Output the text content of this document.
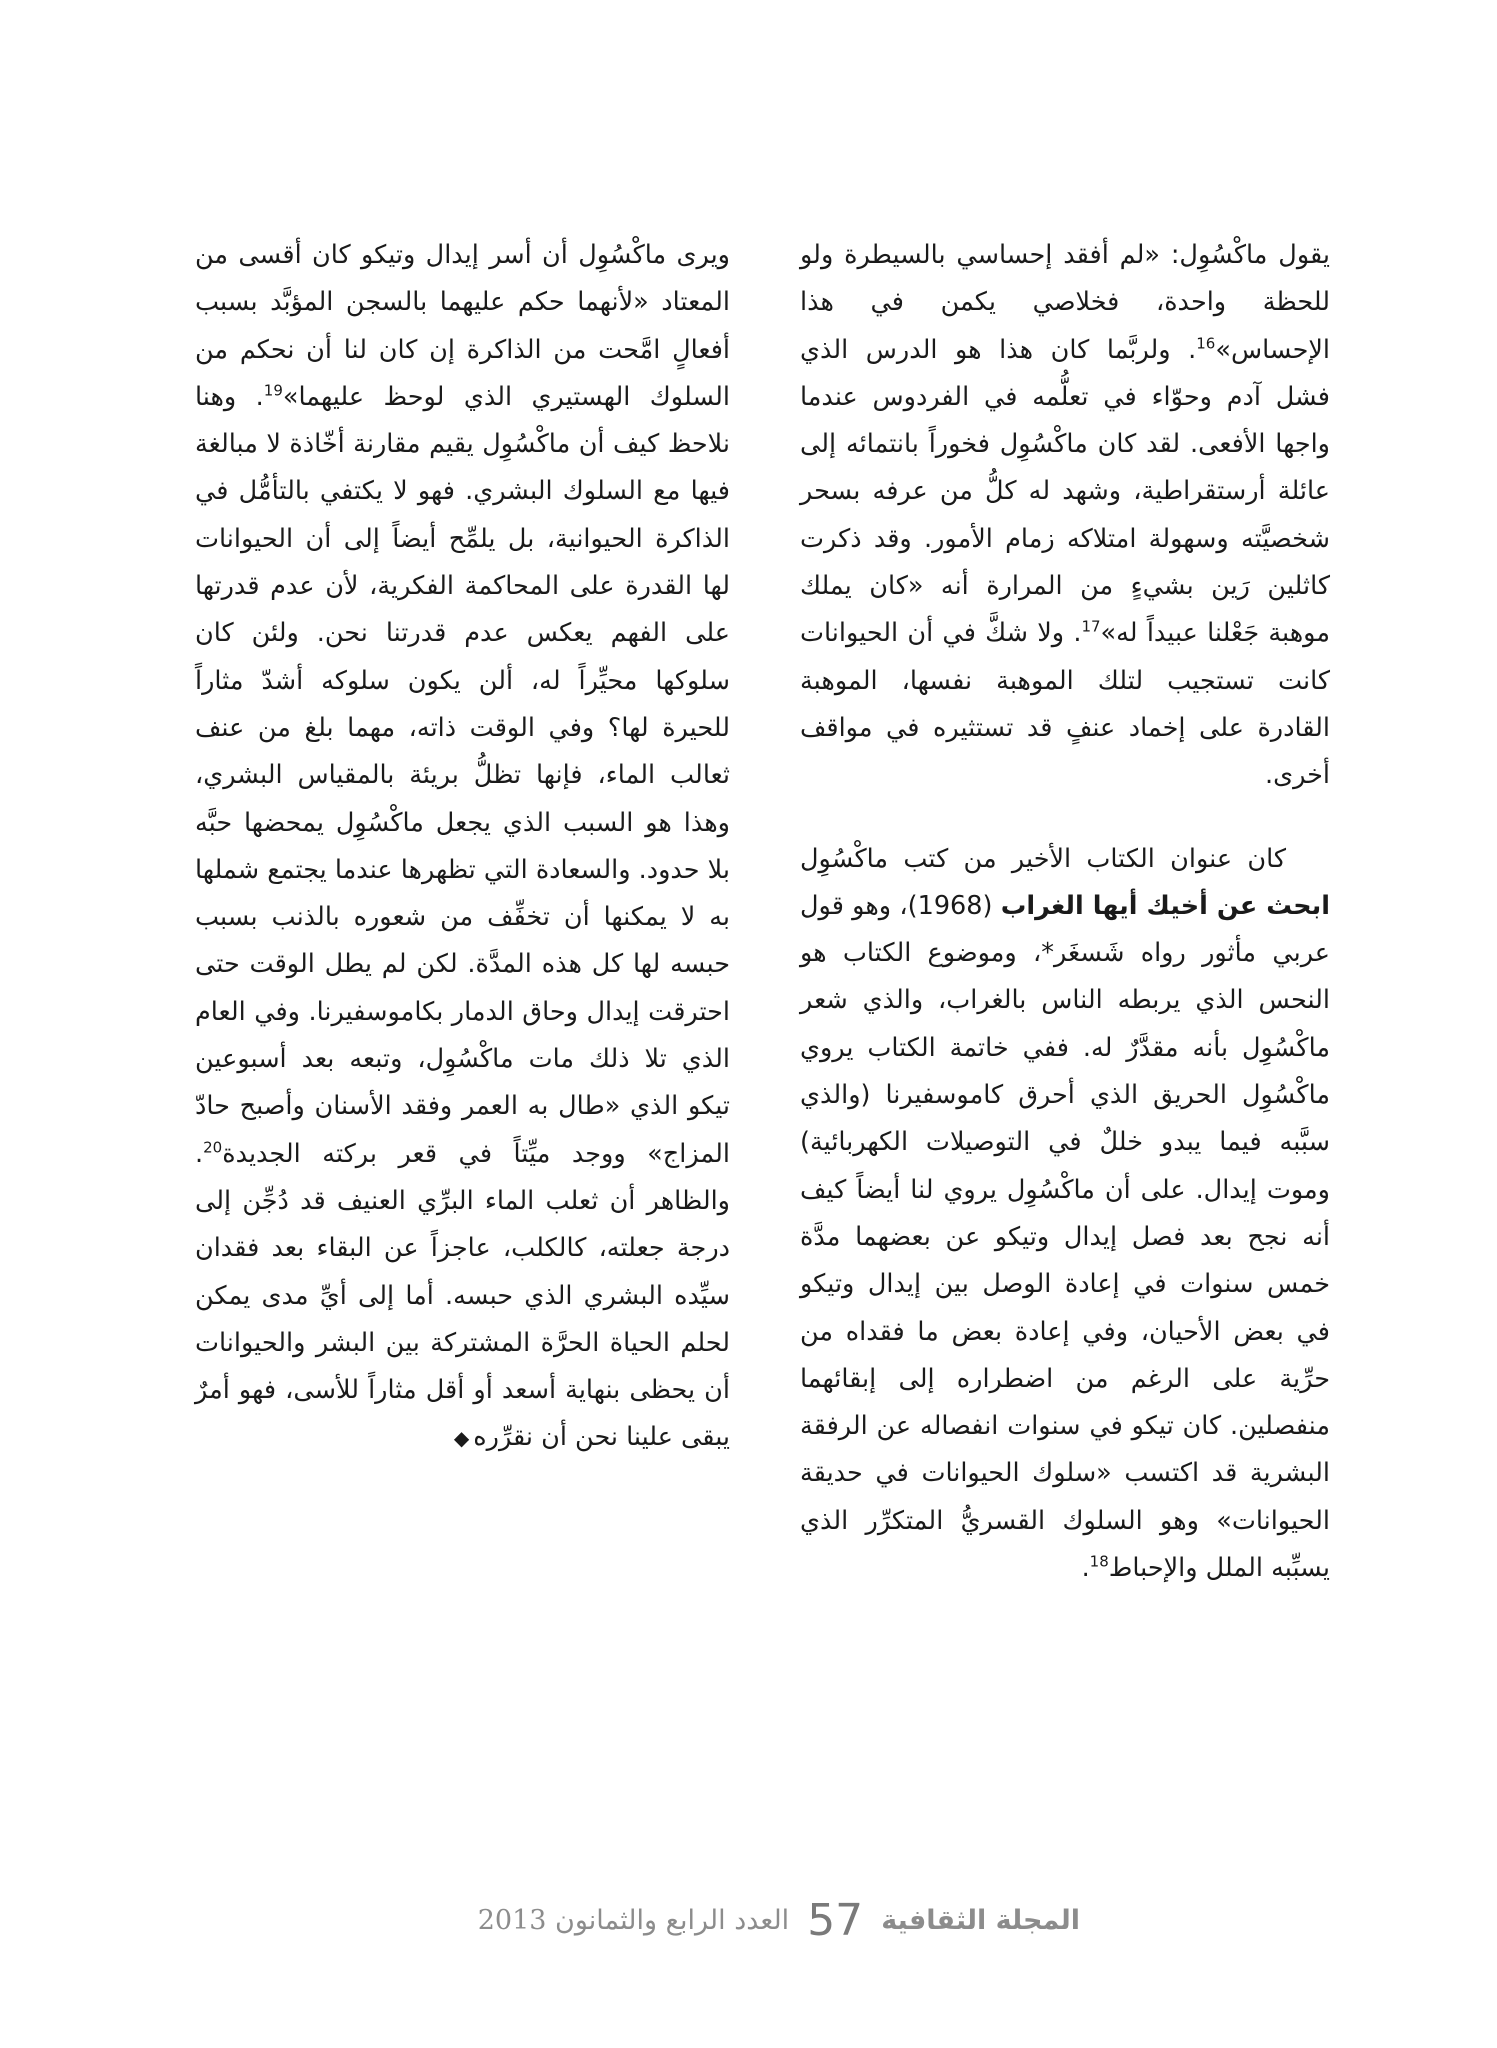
يقول ماكْسُوِل: «لم أفقد إحساسي بالسيطرة ولو للحظة واحدة، فخلاصي يكمن في هذا الإحساس»$^{16}$. ولربَّما كان هذا هو الدرس الذي فشل آدم وحوّاء في تعلُّمه في الفردوس عندما واجها الأفعى. لقد كان ماكْسُوِل فخوراً بانتمائه إلى عائلة أرستقراطية، وشهد له كلُّ من عرفه بسحر شخصيَّته وسهولة امتلاكه زمام الأمور. وقد ذكرت كاثلين رَين بشيءٍ من المرارة أنه «كان يملك موهبة جَعْلنا عبيداً له»$^{17}$. ولا شكَّ في أن الحيوانات كانت تستجيب لتلك الموهبة نفسها، الموهبة القادرة على إخماد عنفٍ قد تستثيره في مواقف أخرى.

كان عنوان الكتاب الأخير من كتب ماكْسُوِل ابحث عن أخيك أيها الغراب (1968)، وهو قول عربي مأثور رواه شَسغَر*، وموضوع الكتاب هو النحس الذي يربطه الناس بالغراب، والذي شعر ماكْسُوِل بأنه مقدَّرٌ له. ففي خاتمة الكتاب يروي ماكْسُوِل الحريق الذي أحرق كاموسفيرنا (والذي سبَّبه فيما يبدو خللٌ في التوصيلات الكهربائية) وموت إيدال. على أن ماكْسُوِل يروي لنا أيضاً كيف أنه نجح بعد فصل إيدال وتيكو عن بعضهما مدَّة خمس سنوات في إعادة الوصل بين إيدال وتيكو في بعض الأحيان، وفي إعادة بعض ما فقداه من حرِّية على الرغم من اضطراره إلى إبقائهما منفصلين. كان تيكو في سنوات انفصاله عن الرفقة البشرية قد اكتسب «سلوك الحيوانات في حديقة الحيوانات» وهو السلوك القسريُّ المتكرِّر الذي يسبِّبه الملل والإحباط$^{18}$.

ويرى ماكْسُوِل أن أسر إيدال وتيكو كان أقسى من المعتاد «لأنهما حكم عليهما بالسجن المؤبَّد بسبب أفعالٍ امَّحت من الذاكرة إن كان لنا أن نحكم من السلوك الهستيري الذي لوحظ عليهما»$^{19}$. وهنا نلاحظ كيف أن ماكْسُوِل يقيم مقارنة أخّاذة لا مبالغة فيها مع السلوك البشري. فهو لا يكتفي بالتأمُّل في الذاكرة الحيوانية، بل يلمِّح أيضاً إلى أن الحيوانات لها القدرة على المحاكمة الفكرية، لأن عدم قدرتها على الفهم يعكس عدم قدرتنا نحن. ولئن كان سلوكها محيِّراً له، ألن يكون سلوكه أشدّ مثاراً للحيرة لها؟ وفي الوقت ذاته، مهما بلغ من عنف ثعالب الماء، فإنها تظلُّ بريئة بالمقياس البشري، وهذا هو السبب الذي يجعل ماكْسُوِل يمحضها حبَّه بلا حدود. والسعادة التي تظهرها عندما يجتمع شملها به لا يمكنها أن تخفِّف من شعوره بالذنب بسبب حبسه لها كل هذه المدَّة. لكن لم يطل الوقت حتى احترقت إيدال وحاق الدمار بكاموسفيرنا. وفي العام الذي تلا ذلك مات ماكْسُوِل، وتبعه بعد أسبوعين تيكو الذي «طال به العمر وفقد الأسنان وأصبح حادّ المزاج» ووجد ميِّتاً في قعر بركته الجديدة$^{20}$. والظاهر أن ثعلب الماء البرِّي العنيف قد دُجِّن إلى درجة جعلته، كالكلب، عاجزاً عن البقاء بعد فقدان سيِّده البشري الذي حبسه. أما إلى أيِّ مدى يمكن لحلم الحياة الحرَّة المشتركة بين البشر والحيوانات أن يحظى بنهاية أسعد أو أقل مثاراً للأسى، فهو أمرٌ يبقى علينا نحن أن نقرِّره◆

المجلة الثقافية
57
العدد الرابع والثمانون 2013
